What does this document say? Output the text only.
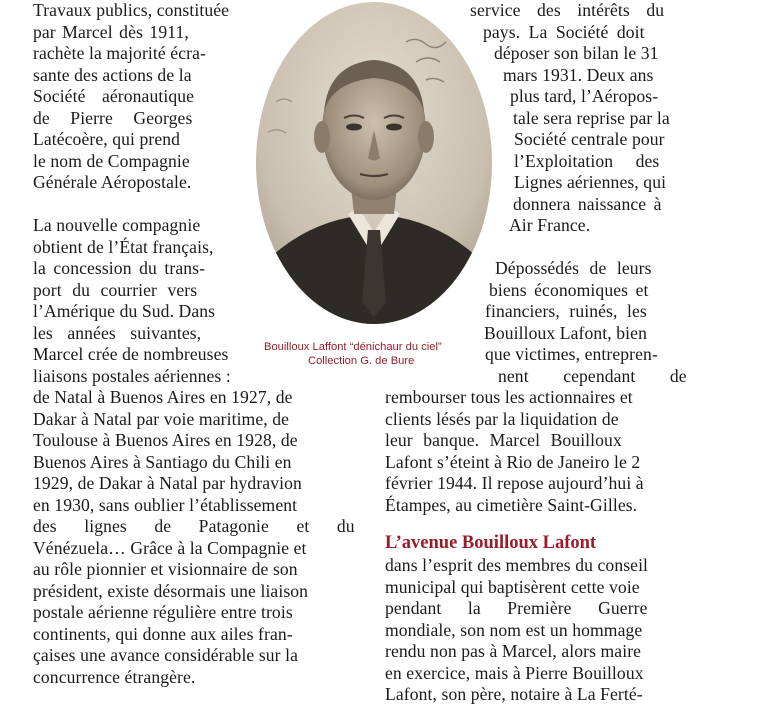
Bouilloux Laffont “dénichaur du ciel”
Collection G. de Bure
Travaux publics, constituée
par Marcel dès 1911,
rachète la majorité écra-
sante des actions de la
Société aéronautique
de Pierre Georges
Latécoère, qui prend
le nom de Compagnie
Générale Aéropostale.
La nouvelle compagnie
obtient de l’État français,
la concession du trans-
port du courrier vers
l’Amérique du Sud. Dans
les années suivantes,
Marcel crée de nombreuses
liaisons postales aériennes :
de Natal à Buenos Aires en 1927, de
Dakar à Natal par voie maritime, de
Toulouse à Buenos Aires en 1928, de
Buenos Aires à Santiago du Chili en
1929, de Dakar à Natal par hydravion
en 1930, sans oublier l’établissement
des lignes de Patagonie et du
Vénézuela… Grâce à la Compagnie et
au rôle pionnier et visionnaire de son
président, existe désormais une liaison
postale aérienne régulière entre trois
continents, qui donne aux ailes fran-
çaises une avance considérable sur la
concurrence étrangère.
service des intérêts du
pays. La Société doit
déposer son bilan le 31
mars 1931. Deux ans
plus tard, l’Aéropos-
tale sera reprise par la
Société centrale pour
l’Exploitation des
Lignes aériennes, qui
donnera naissance à
Air France.
Dépossédés de leurs
biens économiques et
financiers, ruinés, les
Bouilloux Lafont, bien
que victimes, entrepren-
nent cependant de
rembourser tous les actionnaires et
clients lésés par la liquidation de
leur banque. Marcel Bouilloux
Lafont s’éteint à Rio de Janeiro le 2
février 1944. Il repose aujourd’hui à
Étampes, au cimetière Saint-Gilles.
L’avenue Bouilloux Lafont
dans l’esprit des membres du conseil
municipal qui baptisèrent cette voie
pendant la Première Guerre
mondiale, son nom est un hommage
rendu non pas à Marcel, alors maire
en exercice, mais à Pierre Bouilloux
Lafont, son père, notaire à La Ferté-
